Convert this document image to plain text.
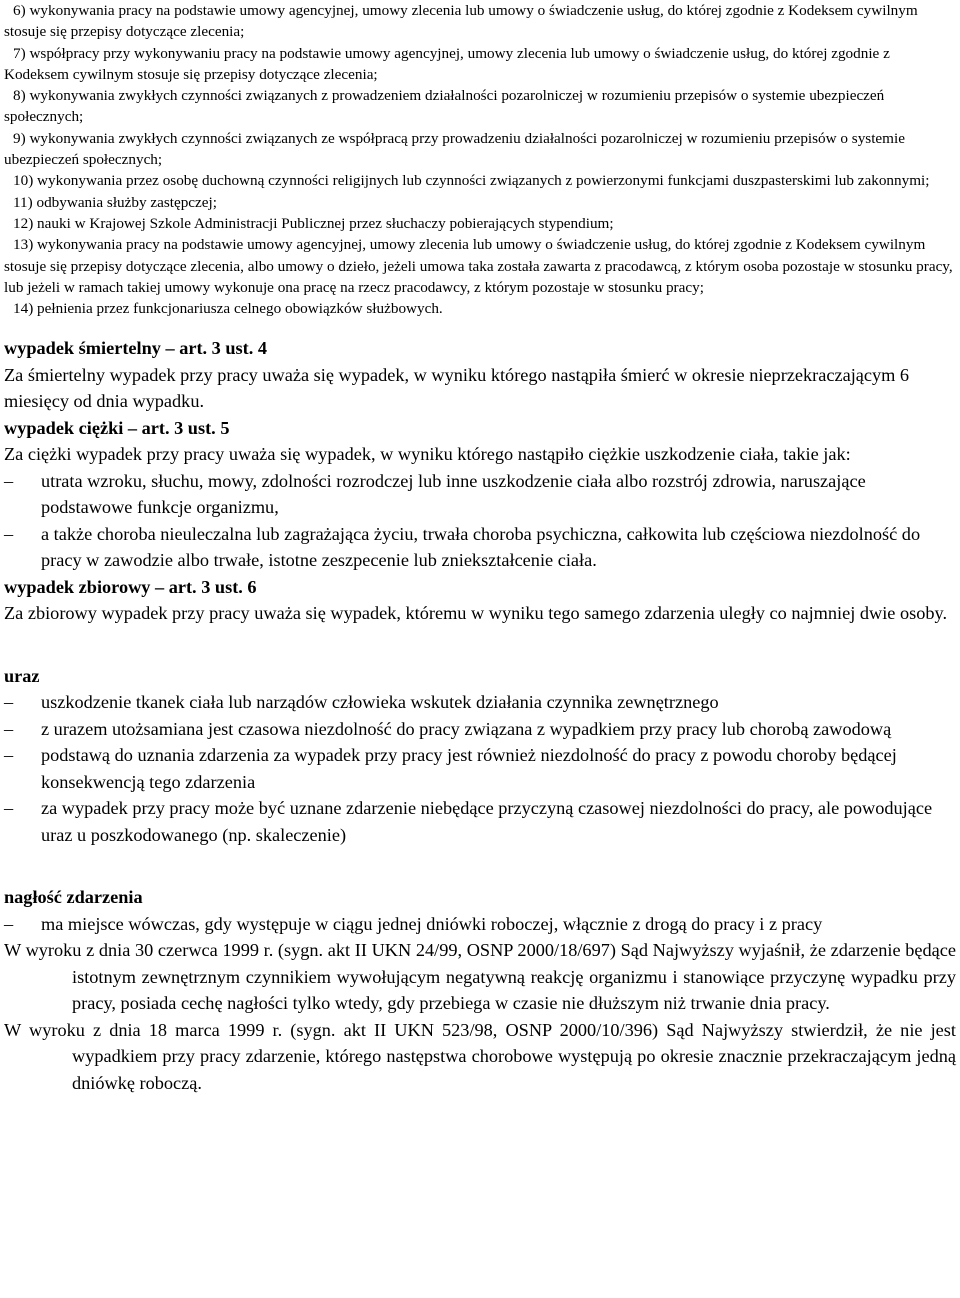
6) wykonywania pracy na podstawie umowy agencyjnej, umowy zlecenia lub umowy o świadczenie usług, do której zgodnie z Kodeksem cywilnym stosuje się przepisy dotyczące zlecenia;

7) współpracy przy wykonywaniu pracy na podstawie umowy agencyjnej, umowy zlecenia lub umowy o świadczenie usług, do której zgodnie z Kodeksem cywilnym stosuje się przepisy dotyczące zlecenia;

8) wykonywania zwykłych czynności związanych z prowadzeniem działalności pozarolniczej w rozumieniu przepisów o systemie ubezpieczeń społecznych;

9) wykonywania zwykłych czynności związanych ze współpracą przy prowadzeniu działalności pozarolniczej w rozumieniu przepisów o systemie ubezpieczeń społecznych;

10) wykonywania przez osobę duchowną czynności religijnych lub czynności związanych z powierzonymi funkcjami duszpasterskimi lub zakonnymi;

11) odbywania służby zastępczej;

12) nauki w Krajowej Szkole Administracji Publicznej przez słuchaczy pobierających stypendium;

13) wykonywania pracy na podstawie umowy agencyjnej, umowy zlecenia lub umowy o świadczenie usług, do której zgodnie z Kodeksem cywilnym stosuje się przepisy dotyczące zlecenia, albo umowy o dzieło, jeżeli umowa taka została zawarta z pracodawcą, z którym osoba pozostaje w stosunku pracy, lub jeżeli w ramach takiej umowy wykonuje ona pracę na rzecz pracodawcy, z którym pozostaje w stosunku pracy;

14) pełnienia przez funkcjonariusza celnego obowiązków służbowych.

wypadek śmiertelny – art. 3 ust. 4

Za śmiertelny wypadek przy pracy uważa się wypadek, w wyniku którego nastąpiła śmierć w okresie nieprzekraczającym 6 miesięcy od dnia wypadku.

wypadek ciężki – art. 3 ust. 5

Za ciężki wypadek przy pracy uważa się wypadek, w wyniku którego nastąpiło ciężkie uszkodzenie ciała, takie jak:

–	utrata wzroku, słuchu, mowy, zdolności rozrodczej lub inne uszkodzenie ciała albo rozstrój zdrowia, naruszające podstawowe funkcje organizmu,
–	a także choroba nieuleczalna lub zagrażająca życiu, trwała choroba psychiczna, całkowita lub częściowa niezdolność do pracy w zawodzie albo trwałe, istotne zeszpecenie lub zniekształcenie ciała.

wypadek zbiorowy – art. 3 ust. 6

Za zbiorowy wypadek przy pracy uważa się wypadek, któremu w wyniku tego samego zdarzenia uległy co najmniej dwie osoby.

uraz

–	uszkodzenie tkanek ciała lub narządów człowieka wskutek działania czynnika zewnętrznego
–	z urazem utożsamiana jest czasowa niezdolność do pracy związana z wypadkiem przy pracy lub chorobą zawodową
–	podstawą do uznania zdarzenia za wypadek przy pracy jest również niezdolność do pracy z powodu choroby będącej konsekwencją tego zdarzenia
–	za wypadek przy pracy może być uznane zdarzenie niebędące przyczyną czasowej niezdolności do pracy, ale powodujące uraz u poszkodowanego (np. skaleczenie)

nagłość zdarzenia

–	ma miejsce wówczas, gdy występuje w ciągu jednej dniówki roboczej, włącznie z drogą do pracy i z pracy

W wyroku z dnia 30 czerwca 1999 r. (sygn. akt II UKN 24/99, OSNP 2000/18/697) Sąd Najwyższy wyjaśnił, że zdarzenie będące istotnym zewnętrznym czynnikiem wywołującym negatywną reakcję organizmu i stanowiące przyczynę wypadku przy pracy, posiada cechę nagłości tylko wtedy, gdy przebiega w czasie nie dłuższym niż trwanie dnia pracy.

W wyroku z dnia 18 marca 1999 r. (sygn. akt II UKN 523/98, OSNP 2000/10/396) Sąd Najwyższy stwierdził, że nie jest wypadkiem przy pracy zdarzenie, którego następstwa chorobowe występują po okresie znacznie przekraczającym jedną dniówkę roboczą.
